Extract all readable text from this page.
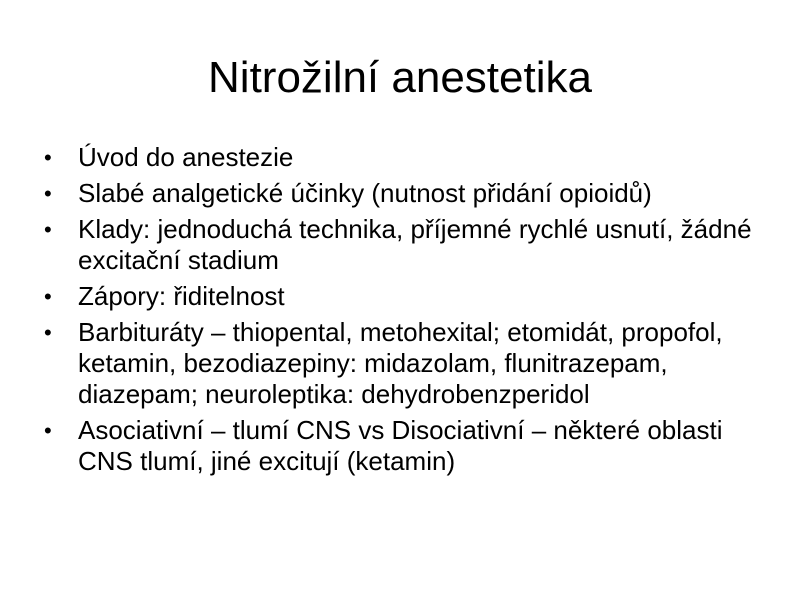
Nitrožilní anestetika
• Úvod do anestezie
• Slabé analgetické účinky (nutnost přidání opioidů)
• Klady: jednoduchá technika, příjemné rychlé usnutí, žádné excitační stadium
• Zápory: řiditelnost
• Barbituráty – thiopental, metohexital; etomidát, propofol, ketamin, bezodiazepiny: midazolam, flunitrazepam, diazepam; neuroleptika: dehydrobenzperidol
• Asociativní – tlumí CNS vs Disociativní – některé oblasti CNS tlumí, jiné excitují (ketamin)
